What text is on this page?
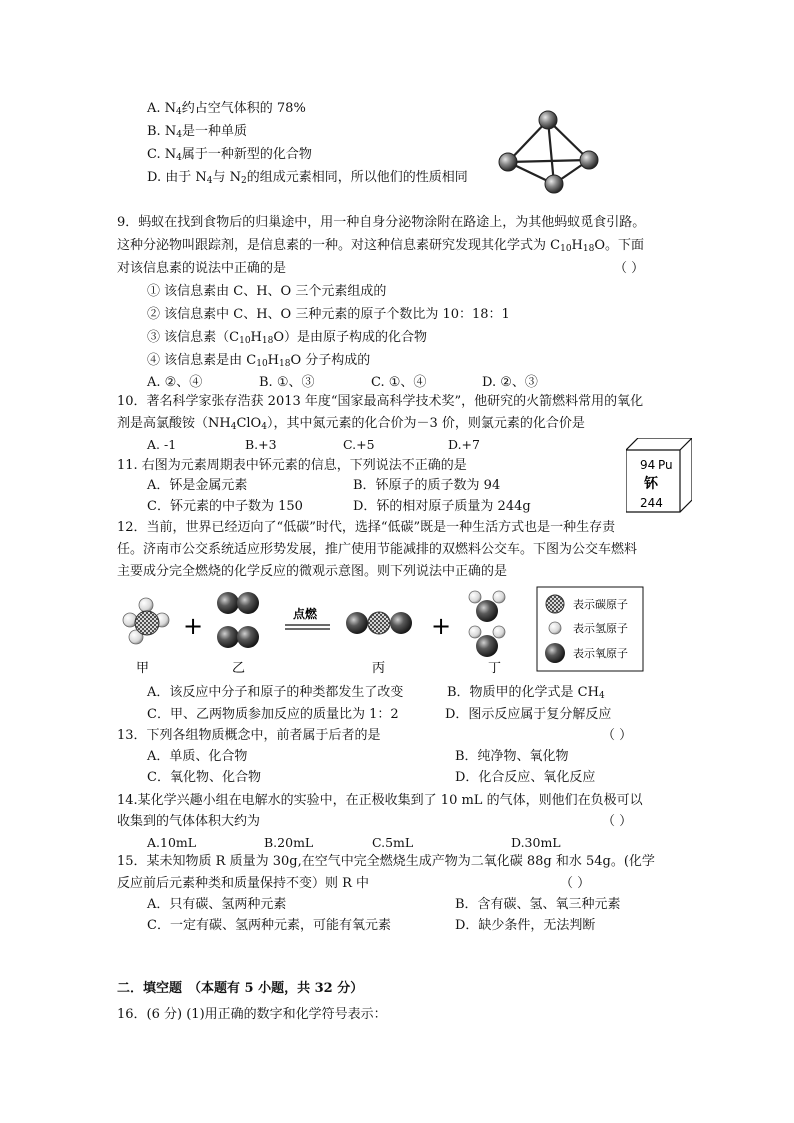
A. $N_4$约占空气体积的 78%
B. $N_4$是一种单质
C. $N_4$属于一种新型的化合物
D. 由于 $N_4$与 $N_2$的组成元素相同，所以他们的性质相同
9．蚂蚁在找到食物后的归巢途中，用一种自身分泌物涂附在路途上，为其他蚂蚁觅食引路。
这种分泌物叫跟踪剂，是信息素的一种。对这种信息素研究发现其化学式为 $C_{10}H_{18}O$。下面
对该信息素的说法中正确的是	（ ）
① 该信息素由 C、H、O 三个元素组成的
② 该信息素中 C、H、O 三种元素的原子个数比为 10：18：1
③ 该信息素$(C_{10}H_{18}O)$是由原子构成的化合物
④ 该信息素是由 $C_{10}H_{18}O$ 分子构成的
A. ②、④	B. ①、③	C. ①、④	D. ②、③
10．著名科学家张存浩获 2013 年度“国家最高科学技术奖”，他研究的火箭燃料常用的氧化
剂是高氯酸铵$(NH_4ClO_4)$，其中氮元素的化合价为－3 价，则氯元素的化合价是
A. -1	B.+3	C.+5	D.+7
11. 右图为元素周期表中钚元素的信息，下列说法不正确的是
A．钚是金属元素	B．钚原子的质子数为 94
C．钚元素的中子数为 150	D．钚的相对原子质量为 244g
94 Pu
钚
244
12．当前，世界已经迈向了“低碳”时代，选择“低碳”既是一种生活方式也是一种生存责
任。济南市公交系统适应形势发展，推广使用节能减排的双燃料公交车。下图为公交车燃料
主要成分完全燃烧的化学反应的微观示意图。则下列说法中正确的是
甲
+
乙
点燃
丙
+
丁
表示碳原子
表示氢原子
表示氧原子
A．该反应中分子和原子的种类都发生了改变	B．物质甲的化学式是 $CH_4$
C．甲、乙两物质参加反应的质量比为 1：2	D．图示反应属于复分解反应
13．下列各组物质概念中，前者属于后者的是	（ ）
A．单质、化合物	B．纯净物、氧化物
C．氧化物、化合物	D．化合反应、氧化反应
14.某化学兴趣小组在电解水的实验中，在正极收集到了 10 mL 的气体，则他们在负极可以
收集到的气体体积大约为	（ ）
A.10mL	B.20mL	C.5mL	D.30mL
15．某未知物质 R 质量为 30g,在空气中完全燃烧生成产物为二氧化碳 88g 和水 54g。(化学
反应前后元素种类和质量保持不变）则 R 中	（ ）
A．只有碳、氢两种元素	B．含有碳、氢、氧三种元素
C．一定有碳、氢两种元素，可能有氧元素	D．缺少条件，无法判断
二．填空题 （本题有 5 小题，共 32 分）
16．(6 分) (1)用正确的数字和化学符号表示：
